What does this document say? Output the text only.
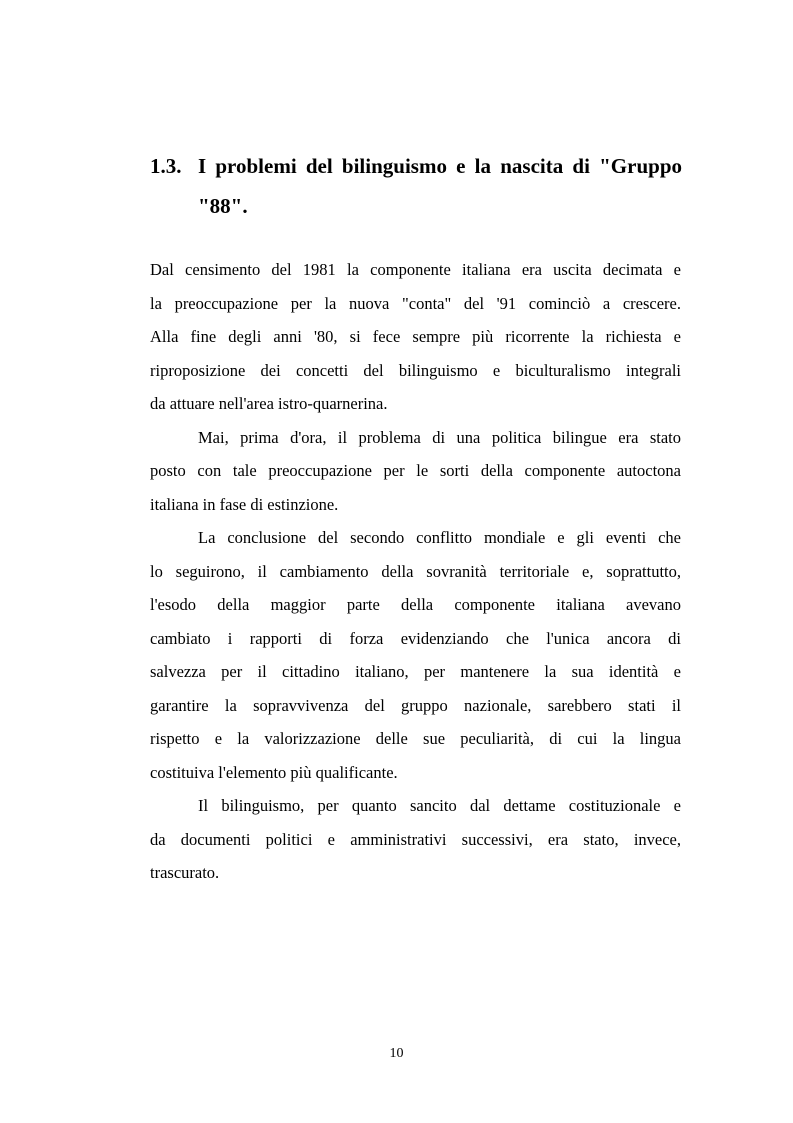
1.3. I problemi del bilinguismo e la nascita di "Gruppo
"88".
Dal censimento del 1981 la componente italiana era uscita decimata e
la preoccupazione per la nuova "conta" del '91 cominciò a crescere.
Alla fine degli anni '80, si fece sempre più ricorrente la richiesta e
riproposizione dei concetti del bilinguismo e biculturalismo integrali
da attuare nell'area istro-quarnerina.
Mai, prima d'ora, il problema di una politica bilingue era stato
posto con tale preoccupazione per le sorti della componente autoctona
italiana in fase di estinzione.
La conclusione del secondo conflitto mondiale e gli eventi che
lo seguirono, il cambiamento della sovranità territoriale e, soprattutto,
l'esodo della maggior parte della componente italiana avevano
cambiato i rapporti di forza evidenziando che l'unica ancora di
salvezza per il cittadino italiano, per mantenere la sua identità e
garantire la sopravvivenza del gruppo nazionale, sarebbero stati il
rispetto e la valorizzazione delle sue peculiarità, di cui la lingua
costituiva l'elemento più qualificante.
Il bilinguismo, per quanto sancito dal dettame costituzionale e
da documenti politici e amministrativi successivi, era stato, invece,
trascurato.
10
